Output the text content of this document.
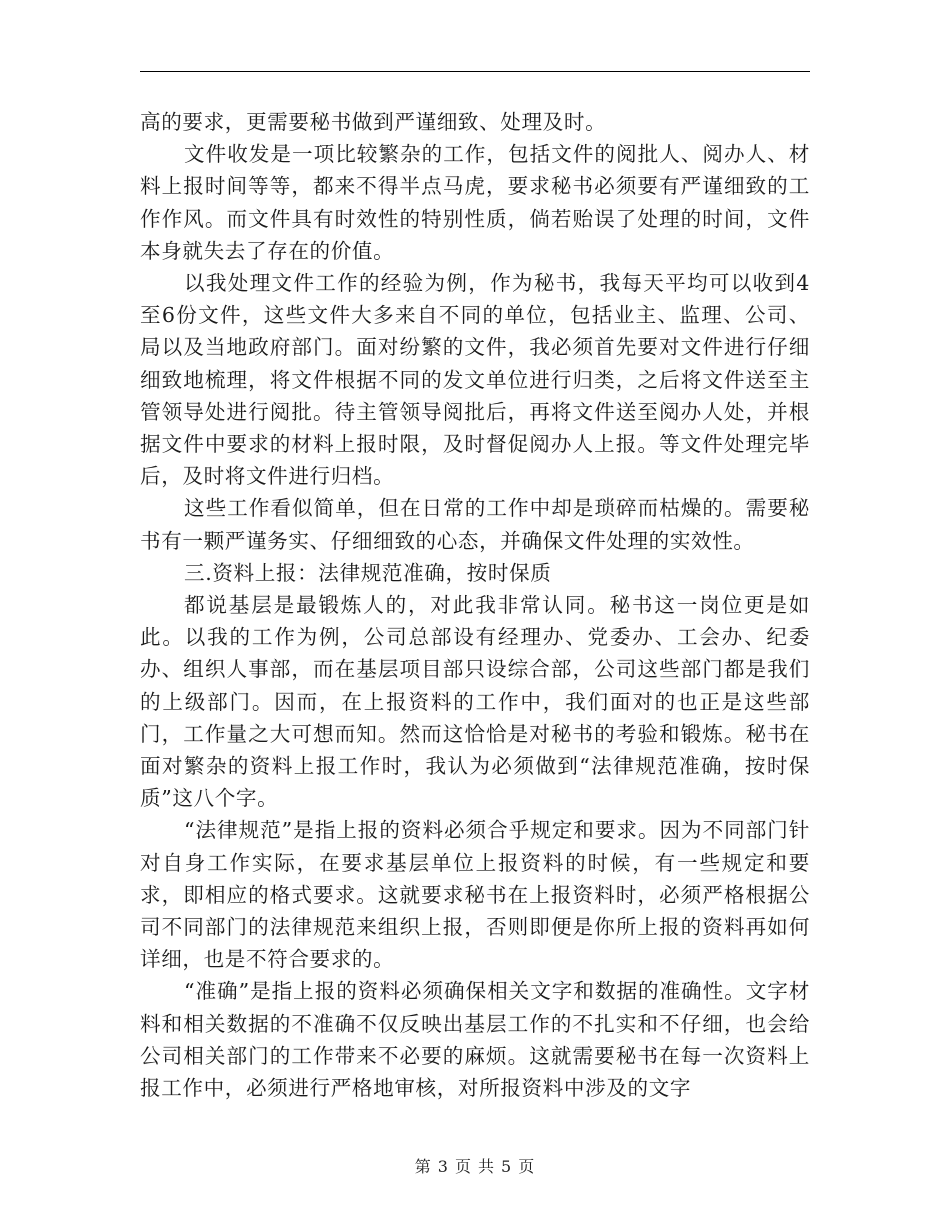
高的要求，更需要秘书做到严谨细致、处理及时。

文件收发是一项比较繁杂的工作，包括文件的阅批人、阅办人、材料上报时间等等，都来不得半点马虎，要求秘书必须要有严谨细致的工作作风。而文件具有时效性的特别性质，倘若贻误了处理的时间，文件本身就失去了存在的价值。

以我处理文件工作的经验为例，作为秘书，我每天平均可以收到4至6份文件，这些文件大多来自不同的单位，包括业主、监理、公司、局以及当地政府部门。面对纷繁的文件，我必须首先要对文件进行仔细细致地梳理，将文件根据不同的发文单位进行归类，之后将文件送至主管领导处进行阅批。待主管领导阅批后，再将文件送至阅办人处，并根据文件中要求的材料上报时限，及时督促阅办人上报。等文件处理完毕后，及时将文件进行归档。

这些工作看似简单，但在日常的工作中却是琐碎而枯燥的。需要秘书有一颗严谨务实、仔细细致的心态，并确保文件处理的实效性。

三.资料上报：法律规范准确，按时保质

都说基层是最锻炼人的，对此我非常认同。秘书这一岗位更是如此。以我的工作为例，公司总部设有经理办、党委办、工会办、纪委办、组织人事部，而在基层项目部只设综合部，公司这些部门都是我们的上级部门。因而，在上报资料的工作中，我们面对的也正是这些部门，工作量之大可想而知。然而这恰恰是对秘书的考验和锻炼。秘书在面对繁杂的资料上报工作时，我认为必须做到“法律规范准确，按时保质”这八个字。

“法律规范”是指上报的资料必须合乎规定和要求。因为不同部门针对自身工作实际，在要求基层单位上报资料的时候，有一些规定和要求，即相应的格式要求。这就要求秘书在上报资料时，必须严格根据公司不同部门的法律规范来组织上报，否则即便是你所上报的资料再如何详细，也是不符合要求的。

“准确”是指上报的资料必须确保相关文字和数据的准确性。文字材料和相关数据的不准确不仅反映出基层工作的不扎实和不仔细，也会给公司相关部门的工作带来不必要的麻烦。这就需要秘书在每一次资料上报工作中，必须进行严格地审核，对所报资料中涉及的文字

第 3 页 共 5 页
